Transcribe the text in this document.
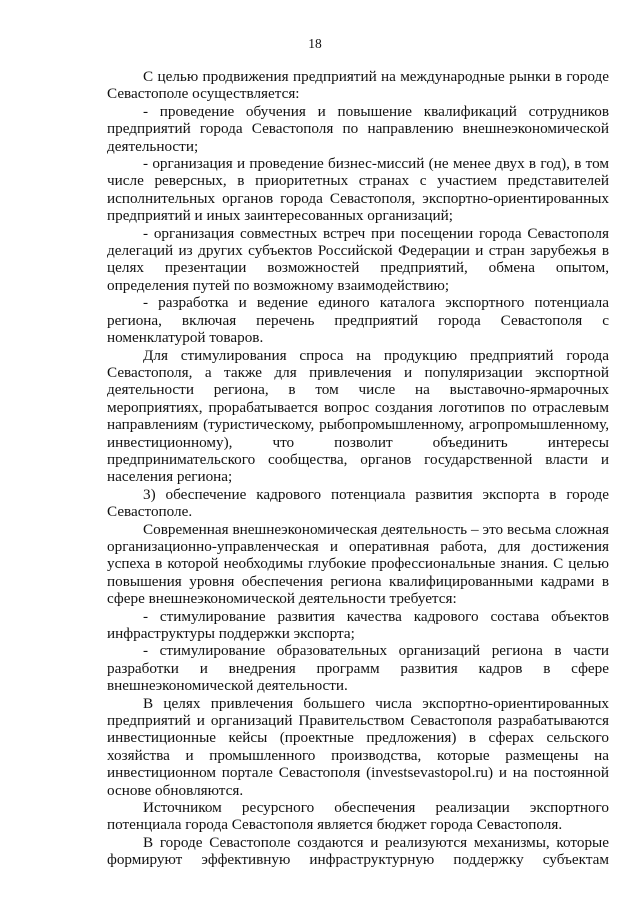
18

С целью продвижения предприятий на международные рынки в городе Севастополе осуществляется:

- проведение обучения и повышение квалификаций сотрудников предприятий города Севастополя по направлению внешнеэкономической деятельности;

- организация и проведение бизнес-миссий (не менее двух в год), в том числе реверсных, в приоритетных странах с участием представителей исполнительных органов города Севастополя, экспортно-ориентированных предприятий и иных заинтересованных организаций;

- организация совместных встреч при посещении города Севастополя делегаций из других субъектов Российской Федерации и стран зарубежья в целях презентации возможностей предприятий, обмена опытом, определения путей по возможному взаимодействию;

- разработка и ведение единого каталога экспортного потенциала региона, включая перечень предприятий города Севастополя с номенклатурой товаров.

Для стимулирования спроса на продукцию предприятий города Севастополя, а также для привлечения и популяризации экспортной деятельности региона, в том числе на выставочно-ярмарочных мероприятиях, прорабатывается вопрос создания логотипов по отраслевым направлениям (туристическому, рыбопромышленному, агропромышленному, инвестиционному), что позволит объединить интересы предпринимательского сообщества, органов государственной власти и населения региона;

3) обеспечение кадрового потенциала развития экспорта в городе Севастополе.

Современная внешнеэкономическая деятельность – это весьма сложная организационно-управленческая и оперативная работа, для достижения успеха в которой необходимы глубокие профессиональные знания. С целью повышения уровня обеспечения региона квалифицированными кадрами в сфере внешнеэкономической деятельности требуется:

- стимулирование развития качества кадрового состава объектов инфраструктуры поддержки экспорта;

- стимулирование образовательных организаций региона в части разработки и внедрения программ развития кадров в сфере внешнеэкономической деятельности.

В целях привлечения большего числа экспортно-ориентированных предприятий и организаций Правительством Севастополя разрабатываются инвестиционные кейсы (проектные предложения) в сферах сельского хозяйства и промышленного производства, которые размещены на инвестиционном портале Севастополя (investsevastopol.ru) и на постоянной основе обновляются.

Источником ресурсного обеспечения реализации экспортного потенциала города Севастополя является бюджет города Севастополя.

В городе Севастополе создаются и реализуются механизмы, которые формируют эффективную инфраструктурную поддержку субъектам
